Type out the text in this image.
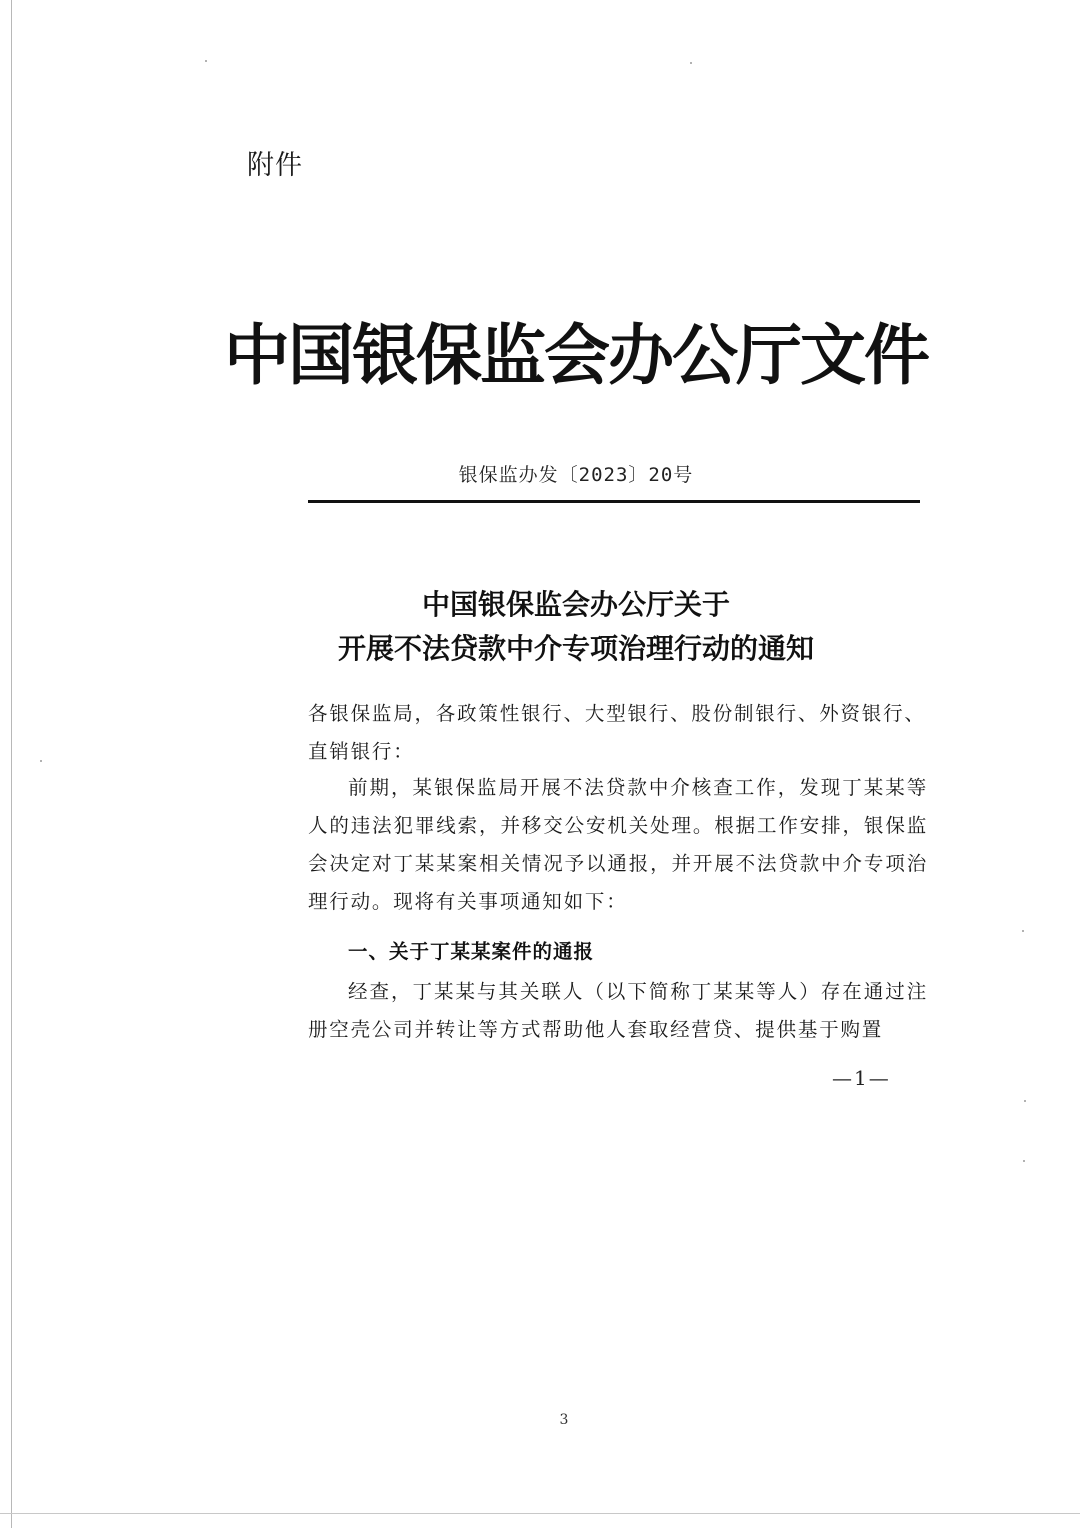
附件
中国银保监会办公厅文件
银保监办发〔2023〕20号
中国银保监会办公厅关于
开展不法贷款中介专项治理行动的通知
各银保监局，各政策性银行、大型银行、股份制银行、外资银行、
直销银行：
前期，某银保监局开展不法贷款中介核查工作，发现丁某某等人的违法犯罪线索，并移交公安机关处理。根据工作安排，银保监会决定对丁某某案相关情况予以通报，并开展不法贷款中介专项治理行动。现将有关事项通知如下：
一、关于丁某某案件的通报
经查，丁某某与其关联人（以下简称丁某某等人）存在通过注册空壳公司并转让等方式帮助他人套取经营贷、提供基于购置
—1—
3
